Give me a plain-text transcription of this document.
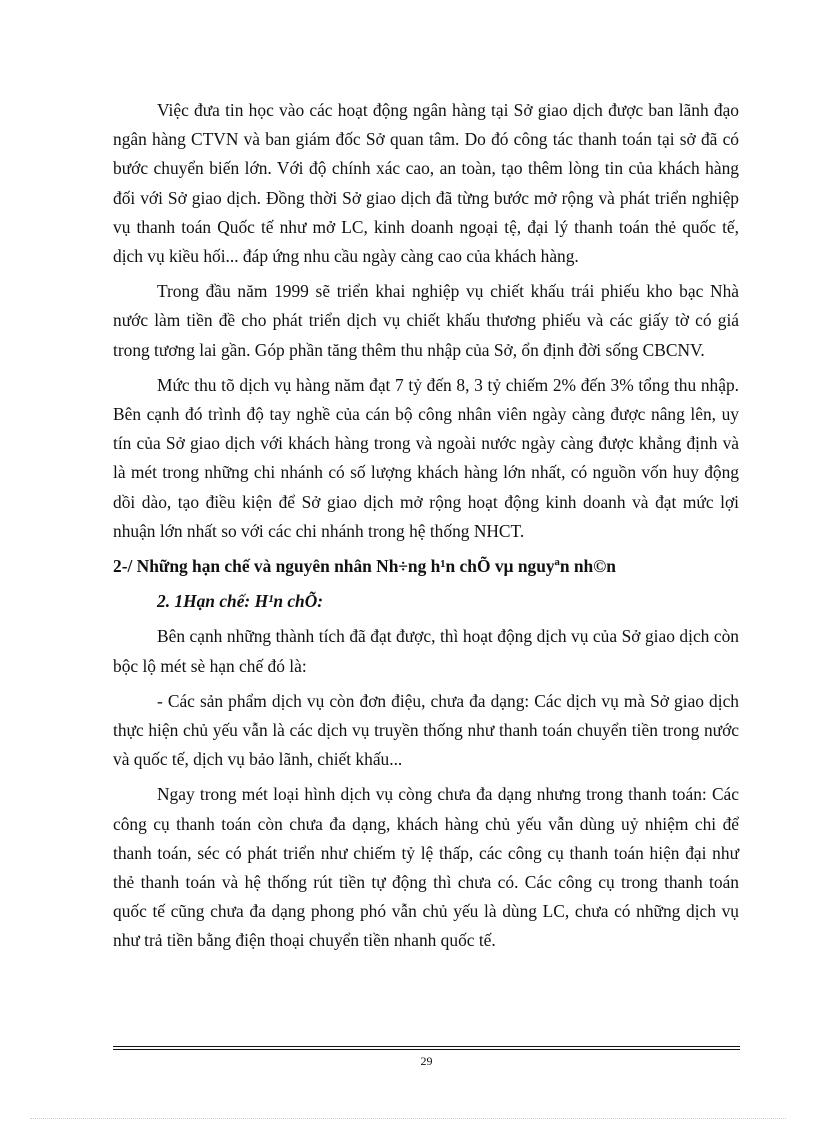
Việc đưa tin học vào các hoạt động ngân hàng tại Sở giao dịch được ban lãnh đạo ngân hàng CTVN và ban giám đốc Sở quan tâm. Do đó công tác thanh toán tại sở đã có bước chuyển biến lớn. Với độ chính xác cao, an toàn, tạo thêm lòng tin của khách hàng đối với Sở giao dịch. Đồng thời Sở giao dịch đã từng bước mở rộng và phát triển nghiệp vụ thanh toán Quốc tế như mở LC, kinh doanh ngoại tệ, đại lý thanh toán thẻ quốc tế, dịch vụ kiều hối... đáp ứng nhu cầu ngày càng cao của khách hàng.

Trong đầu năm 1999 sẽ triển khai nghiệp vụ chiết khấu trái phiếu kho bạc Nhà nước làm tiền đề cho phát triển dịch vụ chiết khấu thương phiếu và các giấy tờ có giá trong tương lai gần. Góp phần tăng thêm thu nhập của Sở, ổn định đời sống CBCNV.

Mức thu tõ dịch vụ hàng năm đạt 7 tỷ đến 8, 3 tỷ chiếm 2% đến 3% tổng thu nhập. Bên cạnh đó trình độ tay nghề của cán bộ công nhân viên ngày càng được nâng lên, uy tín của Sở giao dịch với khách hàng trong và ngoài nước ngày càng được khẳng định và là mét trong những chi nhánh có số lượng khách hàng lớn nhất, có nguồn vốn huy động dồi dào, tạo điều kiện để Sở giao dịch mở rộng hoạt động kinh doanh và đạt mức lợi nhuận lớn nhất so với các chi nhánh trong hệ thống NHCT.

2-/ Những hạn chế và nguyên nhân Nh÷ng h¹n chÕ vµ nguyªn nh©n

2. 1Hạn chế: H¹n chÕ:

Bên cạnh những thành tích đã đạt được, thì hoạt động dịch vụ của Sở giao dịch còn bộc lộ mét sè hạn chế đó là:

- Các sản phẩm dịch vụ còn đơn điệu, chưa đa dạng: Các dịch vụ mà Sở giao dịch thực hiện chủ yếu vẫn là các dịch vụ truyền thống như thanh toán chuyển tiền trong nước và quốc tế, dịch vụ bảo lãnh, chiết khấu...

Ngay trong mét loại hình dịch vụ còng chưa đa dạng nhưng trong thanh toán: Các công cụ thanh toán còn chưa đa dạng, khách hàng chủ yếu vẫn dùng uỷ nhiệm chi để thanh toán, séc có phát triển như chiếm tỷ lệ thấp, các công cụ thanh toán hiện đại như thẻ thanh toán và hệ thống rút tiền tự động thì chưa có. Các công cụ trong thanh toán quốc tế cũng chưa đa dạng phong phó vẫn chủ yếu là dùng LC, chưa có những dịch vụ như trả tiền bằng điện thoại chuyển tiền nhanh quốc tế.

29
